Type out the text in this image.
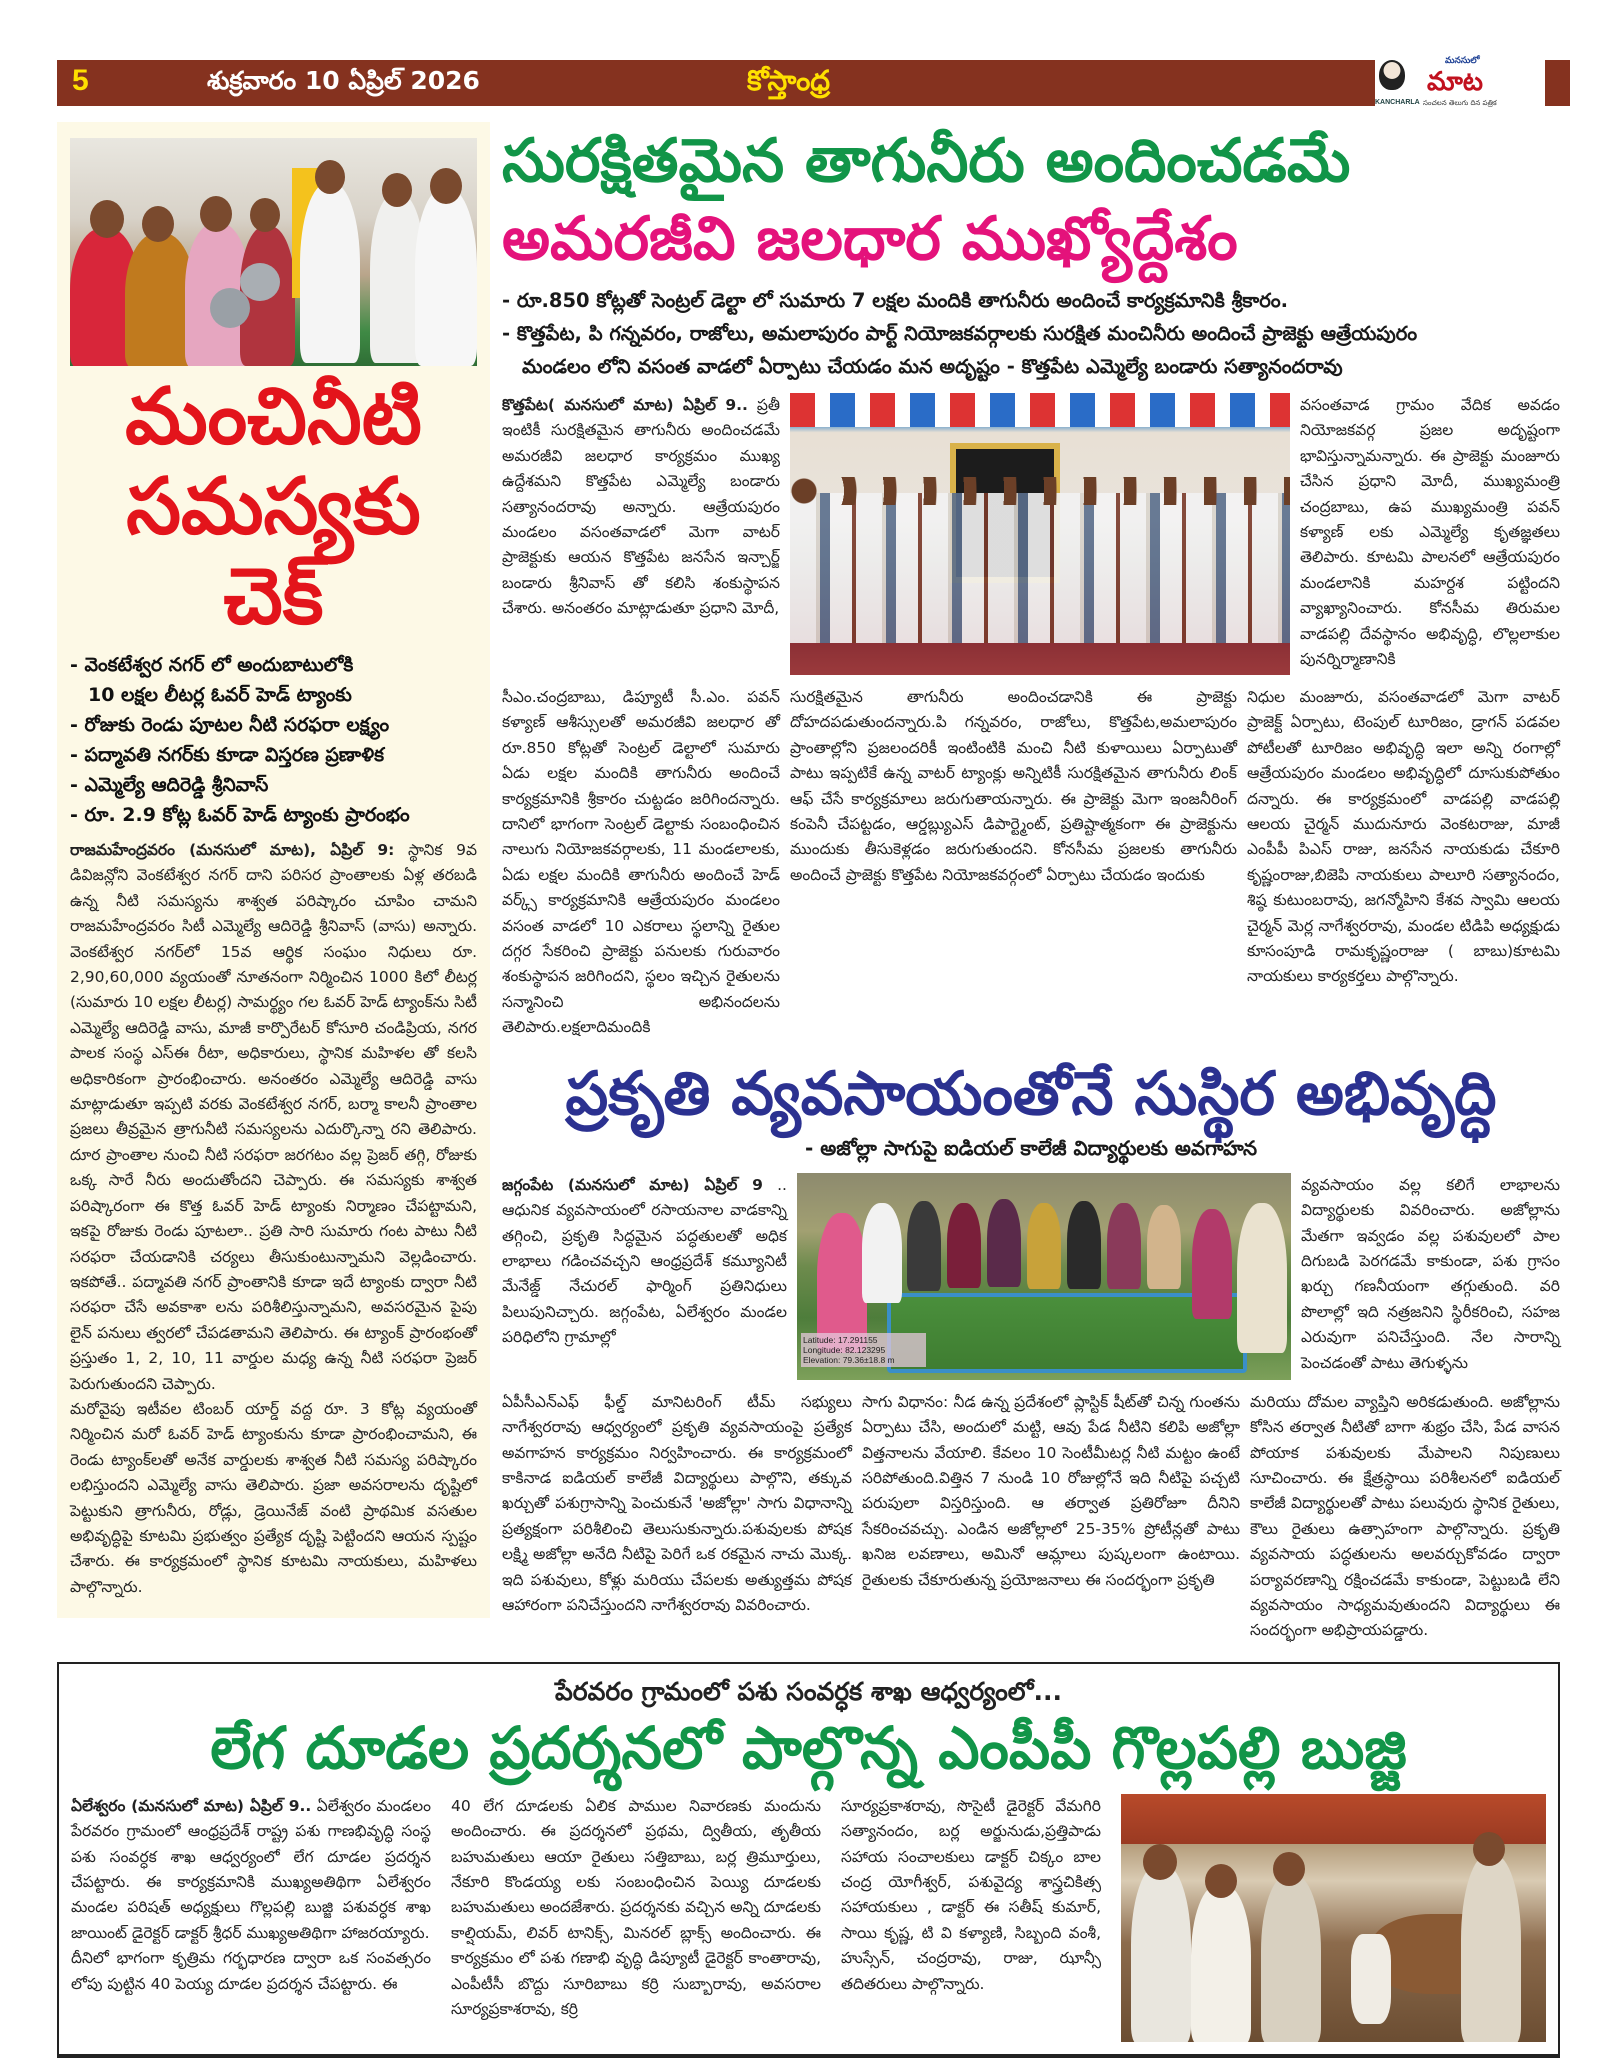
5	శుక్రవారం 10 ఏప్రిల్ 2026	కోస్తాంధ్ర
KANCHARLA
మనసులో
మాట
సంచలన తెలుగు దిన పత్రిక
మంచినీటి
సమస్యకు చెక్
- వెంకటేశ్వర నగర్ లో అందుబాటులోకి
10 లక్షల లీటర్ల ఓవర్ హెడ్ ట్యాంకు
- రోజుకు రెండు పూటల నీటి సరఫరా లక్ష్యం
- పద్మావతి నగర్‌కు కూడా విస్తరణ ప్రణాళిక
- ఎమ్మెల్యే ఆదిరెడ్డి శ్రీనివాస్
- రూ. 2.9 కోట్ల ఓవర్ హెడ్ ట్యాంకు ప్రారంభం

రాజమహేంద్రవరం (మనసులో మాట), ఏప్రిల్ 9: స్థానిక 9వ డివిజన్లోని వెంకటేశ్వర నగర్ దాని పరిసర ప్రాంతాలకు ఏళ్ల తరబడి ఉన్న నీటి సమస్యను శాశ్వత పరిష్కారం చూపిం చామని రాజమహేంద్రవరం సిటీ ఎమ్మెల్యే ఆదిరెడ్డి శ్రీనివాస్ (వాసు) అన్నారు. వెంకటేశ్వర నగర్‌లో 15వ ఆర్థిక సంఘం నిధులు రూ. 2,90,60,000 వ్యయంతో నూతనంగా నిర్మించిన 1000 కిలో లీటర్ల (సుమారు 10 లక్షల లీటర్ల) సామర్థ్యం గల ఓవర్ హెడ్ ట్యాంక్‌ను సిటీ ఎమ్మెల్యే ఆదిరెడ్డి వాసు, మాజీ కార్పొరేటర్ కోసూరి చండిప్రియ, నగర పాలక సంస్థ ఎస్‌ఈ రీటా, అధికారులు, స్థానిక మహిళల తో కలసి అధికారికంగా ప్రారంభించారు. అనంతరం ఎమ్మెల్యే ఆదిరెడ్డి వాసు మాట్లాడుతూ ఇప్పటి వరకు వెంకటేశ్వర నగర్, బర్మా కాలనీ ప్రాంతాల ప్రజలు తీవ్రమైన త్రాగునీటి సమస్యలను ఎదుర్కొన్నా రని తెలిపారు. దూర ప్రాంతాల నుంచి నీటి సరఫరా జరగటం వల్ల ప్రెజర్ తగ్గి, రోజుకు ఒక్క సారే నీరు అందుతోందని చెప్పారు. ఈ సమస్యకు శాశ్వత పరిష్కారంగా ఈ కొత్త ఓవర్ హెడ్ ట్యాంకు నిర్మాణం చేపట్టామని, ఇకపై రోజుకు రెండు పూటలా.. ప్రతి సారి సుమారు గంట పాటు నీటి సరఫరా చేయడానికి చర్యలు తీసుకుంటున్నామని వెల్లడించారు. ఇకపోతే.. పద్మావతి నగర్ ప్రాంతానికి కూడా ఇదే ట్యాంకు ద్వారా నీటి సరఫరా చేసే అవకాశా లను పరిశీలిస్తున్నామని, అవసరమైన పైపు లైన్ పనులు త్వరలో చేపడతామని తెలిపారు. ఈ ట్యాంక్ ప్రారంభంతో ప్రస్తుతం 1, 2, 10, 11 వార్డుల మధ్య ఉన్న నీటి సరఫరా ప్రెజర్ పెరుగుతుందని చెప్పారు.

మరోవైపు ఇటీవల టింబర్ యార్డ్ వద్ద రూ. 3 కోట్ల వ్యయంతో నిర్మించిన మరో ఓవర్ హెడ్ ట్యాంకును కూడా ప్రారంభించామని, ఈ రెండు ట్యాంక్‌లతో అనేక వార్డులకు శాశ్వత నీటి సమస్య పరిష్కారం లభిస్తుందని ఎమ్మెల్యే వాసు తెలిపారు. ప్రజా అవసరాలను దృష్టిలో పెట్టుకుని త్రాగునీరు, రోడ్లు, డ్రెయినేజ్ వంటి ప్రాథమిక వసతుల అభివృద్ధిపై కూటమి ప్రభుత్వం ప్రత్యేక దృష్టి పెట్టిందని ఆయన స్పష్టం చేశారు. ఈ కార్యక్రమంలో స్థానిక కూటమి నాయకులు, మహిళలు పాల్గొన్నారు.

సురక్షితమైన తాగునీరు అందించడమే అమరజీవి జలధార ముఖ్యోద్దేశం
- రూ.850 కోట్లతో సెంట్రల్ డెల్టా లో సుమారు 7 లక్షల మందికి తాగునీరు అందించే కార్యక్రమానికి శ్రీకారం.
- కొత్తపేట, పి గన్నవరం, రాజోలు, అమలాపురం పార్ట్ నియోజకవర్గాలకు సురక్షిత మంచినీరు అందించే ప్రాజెక్టు ఆత్రేయపురం
మండలం లోని వసంత వాడలో ఏర్పాటు చేయడం మన అదృష్టం - కొత్తపేట ఎమ్మెల్యే బండారు సత్యానందరావు

కొత్తపేట( మనసులో మాట) ఏప్రిల్ 9.. ప్రతీ ఇంటికీ సురక్షితమైన తాగునీరు అందించడమే అమరజీవి జలధార కార్యక్రమం ముఖ్య ఉద్దేశమని కొత్తపేట ఎమ్మెల్యే బండారు సత్యానందరావు అన్నారు. ఆత్రేయపురం మండలం వసంతవాడలో మెగా వాటర్ ప్రాజెక్టుకు ఆయన కొత్తపేట జనసేన ఇన్చార్జ్ బండారు శ్రీనివాస్ తో కలిసి శంకుస్థాపన చేశారు. అనంతరం మాట్లాడుతూ ప్రధాని మోదీ,

వసంతవాడ గ్రామం వేదిక అవడం నియోజకవర్గ ప్రజల అదృష్టంగా భావిస్తున్నామన్నారు. ఈ ప్రాజెక్టు మంజూరు చేసిన ప్రధాని మోదీ, ముఖ్యమంత్రి చంద్రబాబు, ఉప ముఖ్యమంత్రి పవన్ కళ్యాణ్ లకు ఎమ్మెల్యే కృతజ్ఞతలు తెలిపారు. కూటమి పాలనలో ఆత్రేయపురం మండలానికి మహర్దశ పట్టిందని వ్యాఖ్యానించారు. కోనసీమ తిరుమల వాడపల్లి దేవస్థానం అభివృద్ధి, లొల్లలాకుల పునర్నిర్మాణానికి
సీఎం.చంద్రబాబు, డిప్యూటీ సీ.ఎం. పవన్ కళ్యాణ్ ఆశీస్సులతో అమరజీవి జలధార తో రూ.850 కోట్లతో సెంట్రల్ డెల్టాలో సుమారు ఏడు లక్షల మందికి తాగునీరు అందించే కార్యక్రమానికి శ్రీకారం చుట్టడం జరిగిందన్నారు. దానిలో భాగంగా సెంట్రల్ డెల్టాకు సంబంధించిన నాలుగు నియోజకవర్గాలకు, 11 మండలాలకు, ఏడు లక్షల మందికి తాగునీరు అందించే హెడ్ వర్క్స్ కార్యక్రమానికి ఆత్రేయపురం మండలం వసంత వాడలో 10 ఎకరాలు స్థలాన్ని రైతుల దగ్గర సేకరించి ప్రాజెక్టు పనులకు గురువారం శంకుస్థాపన జరిగిందని, స్థలం ఇచ్చిన రైతులను సన్మానించి అభినందలను తెలిపారు.లక్షలాదిమందికి
సురక్షితమైన తాగునీరు అందించడానికి ఈ ప్రాజెక్టు దోహదపడుతుందన్నారు.పి గన్నవరం, రాజోలు, కొత్తపేట,అమలాపురం ప్రాంతాల్లోని ప్రజలందరికీ ఇంటింటికి మంచి నీటి కుళాయిలు ఏర్పాటుతో పాటు ఇప్పటికే ఉన్న వాటర్ ట్యాంక్లు అన్నిటికీ సురక్షితమైన తాగునీరు లింక్ ఆఫ్ చేసే కార్యక్రమాలు జరుగుతాయన్నారు. ఈ ప్రాజెక్టు మెగా ఇంజనీరింగ్ కంపెనీ చేపట్టడం, ఆర్డబ్ల్యుఎస్ డిపార్ట్మెంట్, ప్రతిష్టాత్మకంగా ఈ ప్రాజెక్టును ముందుకు తీసుకెళ్లడం జరుగుతుందని. కోనసీమ ప్రజలకు తాగునీరు అందించే ప్రాజెక్టు కొత్తపేట నియోజకవర్గంలో ఏర్పాటు చేయడం ఇందుకు
నిధుల మంజూరు, వసంతవాడలో మెగా వాటర్ ప్రాజెక్ట్ ఏర్పాటు, టెంపుల్ టూరిజం, డ్రాగన్ పడవల పోటీలతో టూరిజం అభివృద్ధి ఇలా అన్ని రంగాల్లో ఆత్రేయపురం మండలం అభివృద్ధిలో దూసుకుపోతుం దన్నారు. ఈ కార్యక్రమంలో వాడపల్లి వాడపల్లి ఆలయ చైర్మన్ ముదునూరు వెంకటరాజు, మాజీ ఎంపీపీ పిఎస్ రాజు, జనసేన నాయకుడు చేకూరి కృష్ణంరాజు,బిజెపి నాయకులు పాలూరి సత్యానందం, శిష్ఠ కుటుంబరావు, జగన్మోహిని కేశవ స్వామి ఆలయ చైర్మన్ మెర్ల నాగేశ్వరరావు, మండల టిడిపి అధ్యక్షుడు కూసంపూడి రామకృష్ణంరాజు ( బాబు)కూటమి నాయకులు కార్యకర్తలు పాల్గొన్నారు.
ప్రకృతి వ్యవసాయంతోనే సుస్థిర అభివృద్ధి
- అజోల్లా సాగుపై ఐడియల్ కాలేజీ విద్యార్థులకు అవగాహన

జగ్గంపేట (మనసులో మాట) ఏప్రిల్ 9 .. ఆధునిక వ్యవసాయంలో రసాయనాల వాడకాన్ని తగ్గించి, ప్రకృతి సిద్ధమైన పద్ధతులతో అధిక లాభాలు గడించవచ్చని ఆంధ్రప్రదేశ్ కమ్యూనిటీ మేనేజ్డ్ నేచురల్ ఫార్మింగ్ ప్రతినిధులు పిలుపునిచ్చారు. జగ్గంపేట, ఏలేశ్వరం మండల పరిధిలోని గ్రామాల్లో	Latitude: 17.291155
Longitude: 82.123295
Elevation: 79.36±18.8 m
వ్యవసాయం వల్ల కలిగే లాభాలను విద్యార్థులకు వివరించారు. అజోల్లాను మేతగా ఇవ్వడం వల్ల పశువులలో పాల దిగుబడి పెరగడమే కాకుండా, పశు గ్రాసం ఖర్చు గణనీయంగా తగ్గుతుంది. వరి పొలాల్లో ఇది నత్రజనిని స్థిరీకరించి, సహజ ఎరువుగా పనిచేస్తుంది. నేల సారాన్ని పెంచడంతో పాటు తెగుళ్ళను
ఏపీసీఎన్ఎఫ్ ఫీల్డ్ మానిటరింగ్ టీమ్ సభ్యులు నాగేశ్వరరావు ఆధ్వర్యంలో ప్రకృతి వ్యవసాయంపై ప్రత్యేక అవగాహన కార్యక్రమం నిర్వహించారు. ఈ కార్యక్రమంలో కాకినాడ ఐడియల్ కాలేజీ విద్యార్థులు పాల్గొని, తక్కువ ఖర్చుతో పశుగ్రాసాన్ని పెంచుకునే 'అజోల్లా' సాగు విధానాన్ని ప్రత్యక్షంగా పరిశీలించి తెలుసుకున్నారు.పశువులకు పోషక లక్ష్మి అజోల్లా అనేది నీటిపై పెరిగే ఒక రకమైన నాచు మొక్క. ఇది పశువులు, కోళ్లు మరియు చేపలకు అత్యుత్తమ పోషక ఆహారంగా పనిచేస్తుందని నాగేశ్వరరావు వివరించారు.
సాగు విధానం: నీడ ఉన్న ప్రదేశంలో ప్లాస్టిక్ షీట్‌తో చిన్న గుంతను ఏర్పాటు చేసి, అందులో మట్టి, ఆవు పేడ నీటిని కలిపి అజోల్లా విత్తనాలను వేయాలి. కేవలం 10 సెంటీమీటర్ల నీటి మట్టం ఉంటే సరిపోతుంది.విత్తిన 7 నుండి 10 రోజుల్లోనే ఇది నీటిపై పచ్చటి పరుపులా విస్తరిస్తుంది. ఆ తర్వాత ప్రతిరోజూ దీనిని సేకరించవచ్చు. ఎండిన అజోల్లాలో 25-35% ప్రోటీన్లతో పాటు ఖనిజ లవణాలు, అమినో ఆమ్లాలు పుష్కలంగా ఉంటాయి. రైతులకు చేకూరుతున్న ప్రయోజనాలు ఈ సందర్భంగా ప్రకృతి
మరియు దోమల వ్యాప్తిని అరికడుతుంది. అజోల్లాను కోసిన తర్వాత నీటితో బాగా శుభ్రం చేసి, పేడ వాసన పోయాక పశువులకు మేపాలని నిపుణులు సూచించారు. ఈ క్షేత్రస్థాయి పరిశీలనలో ఐడియల్ కాలేజీ విద్యార్థులతో పాటు పలువురు స్థానిక రైతులు, కౌలు రైతులు ఉత్సాహంగా పాల్గొన్నారు. ప్రకృతి వ్యవసాయ పద్ధతులను అలవర్చుకోవడం ద్వారా పర్యావరణాన్ని రక్షించడమే కాకుండా, పెట్టుబడి లేని వ్యవసాయం సాధ్యమవుతుందని విద్యార్థులు ఈ సందర్భంగా అభిప్రాయపడ్డారు.
పేరవరం గ్రామంలో పశు సంవర్ధక శాఖ ఆధ్వర్యంలో...
లేగ దూడల ప్రదర్శనలో పాల్గొన్న ఎంపీపీ గొల్లపల్లి బుజ్జి

ఏలేశ్వరం (మనసులో మాట) ఏప్రిల్ 9.. ఏలేశ్వరం మండలం పేరవరం గ్రామంలో ఆంధ్రప్రదేశ్ రాష్ట్ర పశు గాణభివృద్ధి సంస్థ పశు సంవర్ధక శాఖ ఆధ్వర్యంలో లేగ దూడల ప్రదర్శన చేపట్టారు. ఈ కార్యక్రమానికి ముఖ్యఅతిథిగా ఏలేశ్వరం మండల పరిషత్ అధ్యక్షులు గొల్లపల్లి బుజ్జి పశువర్ధక శాఖ జాయింట్ డైరెక్టర్ డాక్టర్ శ్రీధర్ ముఖ్యఅతిథిగా హాజరయ్యారు.

దీనిలో భాగంగా కృత్రిమ గర్భధారణ ద్వారా ఒక సంవత్సరం లోపు పుట్టిన 40 పెయ్య దూడల ప్రదర్శన చేపట్టారు. ఈ

40 లేగ దూడలకు ఏలిక పాముల నివారణకు మందును అందించారు. ఈ ప్రదర్శనలో ప్రథమ, ద్వితీయ, తృతీయ బహుమతులు ఆయా రైతులు సత్తిబాబు, బర్ల త్రిమూర్తులు, నేకూరి కొండయ్య లకు సంబంధించిన పెయ్యి దూడలకు బహుమతులు అందజేశారు. ప్రదర్శనకు వచ్చిన అన్ని దూడలకు కాల్షియమ్, లివర్ టానిక్స్, మినరల్ బ్లాక్స్ అందించారు. ఈ కార్యక్రమం లో పశు గణాభి వృద్ధి డిప్యూటీ డైరెక్టర్ కాంతారావు, ఎంపీటీసీ బొద్దు సూరిబాబు కర్రి సుబ్బారావు, అవసరాల సూర్యప్రకాశరావు, కర్రి
సూర్యప్రకాశరావు, సొసైటీ డైరెక్టర్ వేమగిరి సత్యానందం, బర్ల అర్జునుడు,ప్రత్తిపాడు సహాయ సంచాలకులు డాక్టర్ చిక్కం బాల చంద్ర యోగీశ్వర్, పశువైద్య శాస్త్రచికిత్స సహాయకులు , డాక్టర్ ఈ సతీష్ కుమార్, సాయి కృష్ణ, టి వి కళ్యాణి, సిబ్బంది వంశీ, హుస్సేన్, చంద్రరావు, రాజు, ఝాన్సీ తదితరులు పాల్గొన్నారు.
